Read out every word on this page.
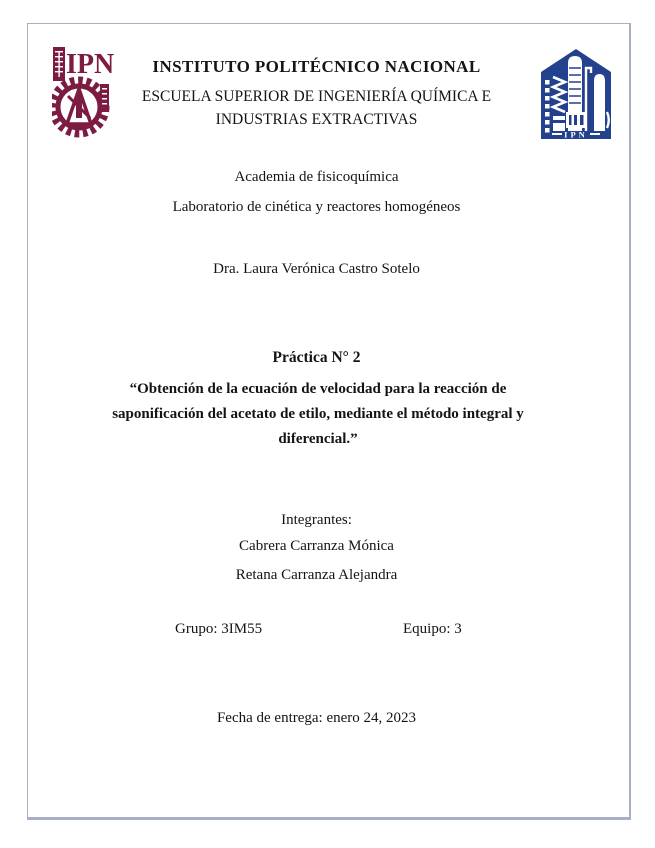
IPN
IPN
INSTITUTO POLITÉCNICO NACIONAL
ESCUELA SUPERIOR DE INGENIERÍA QUÍMICA E INDUSTRIAS EXTRACTIVAS
Academia de fisicoquímica
Laboratorio de cinética y reactores homogéneos
Dra. Laura Verónica Castro Sotelo
Práctica N° 2
“Obtención de la ecuación de velocidad para la reacción de saponificación del acetato de etilo, mediante el método integral y diferencial.”
Integrantes:
Cabrera Carranza Mónica
Retana Carranza Alejandra
Grupo: 3IM55	Equipo: 3
Fecha de entrega: enero 24, 2023
